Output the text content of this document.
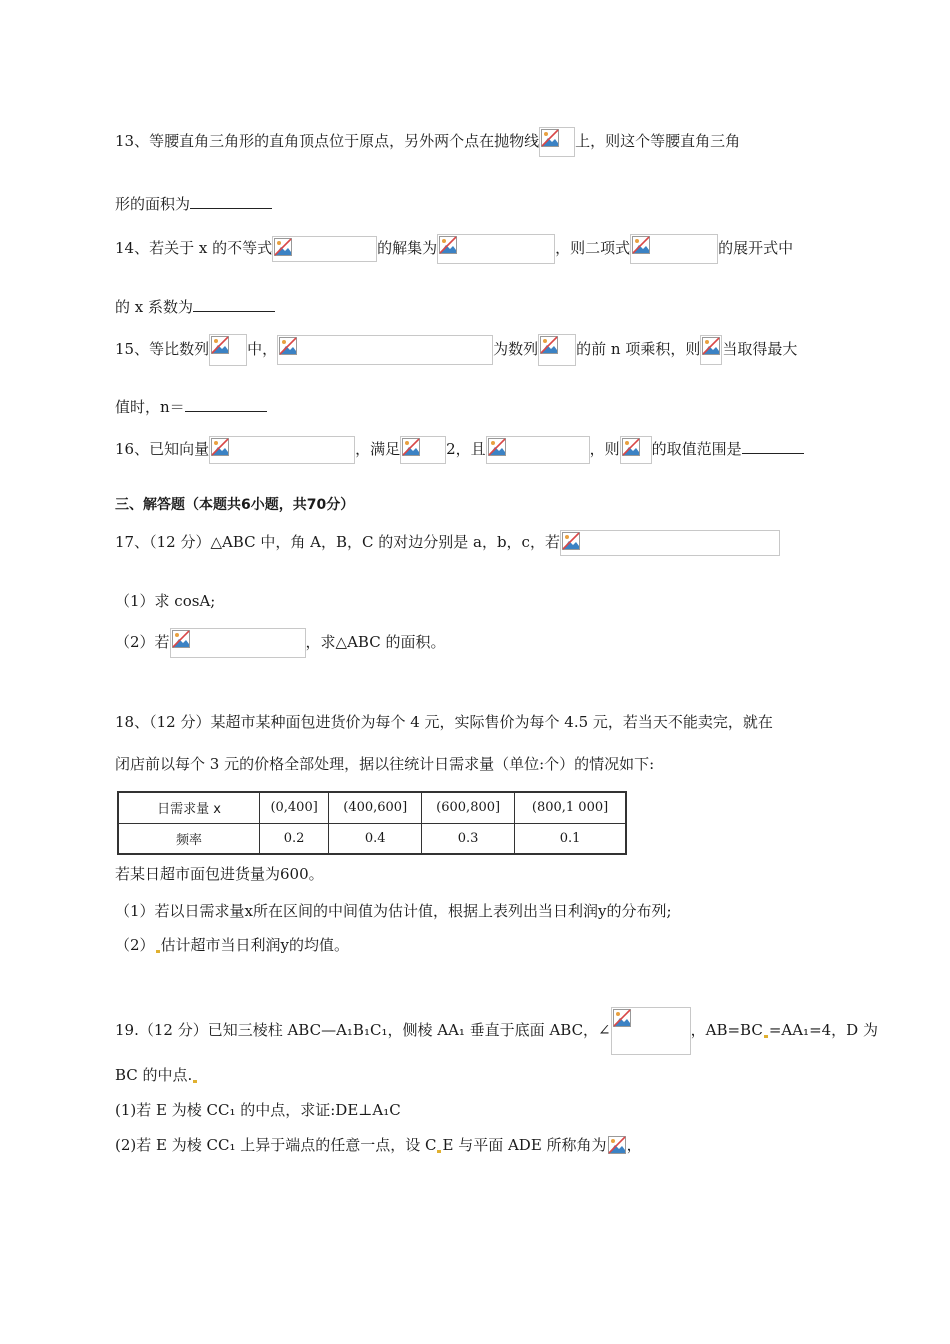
13、等腰直角三角形的直角顶点位于原点，另外两个点在抛物线 上，则这个等腰直角三角
形的面积为
14、若关于 x 的不等式	的解集为	，则二项式	的展开式中
的 x 系数为
15、等比数列	中，	为数列	的前 n 项乘积，则 当取得最大
值时，n＝
16、已知向量	，满足	2，且	，则 的取值范围是
三、解答题（本题共6小题，共70分）
17、（12 分）△ABC 中，角 A，B，C 的对边分别是 a，b，c，若
（1）求 cosA;
（2）若	，求△ABC 的面积。
18、（12 分）某超市某种面包进货价为每个 4 元，实际售价为每个 4.5 元，若当天不能卖完，就在
闭店前以每个 3 元的价格全部处理，据以往统计日需求量（单位:个）的情况如下:
日需求量 x	(0,400]	(400,600]	(600,800]	(800,1 000]
频率	0.2	0.4	0.3	0.1
若某日超市面包进货量为600。
（1）若以日需求量x所在区间的中间值为估计值，根据上表列出当日利润y的分布列;
（2） 估计超市当日利润y的均值。
19.（12 分）已知三棱柱 ABC—A₁B₁C₁，侧棱 AA₁ 垂直于底面 ABC，∠	，AB=BC =AA₁=4，D 为
BC 的中点.
(1)若 E 为棱 CC₁ 的中点，求证:DE⊥A₁C
(2)若 E 为棱 CC₁ 上异于端点的任意一点，设 C E 与平面 ADE 所称角为 ，
